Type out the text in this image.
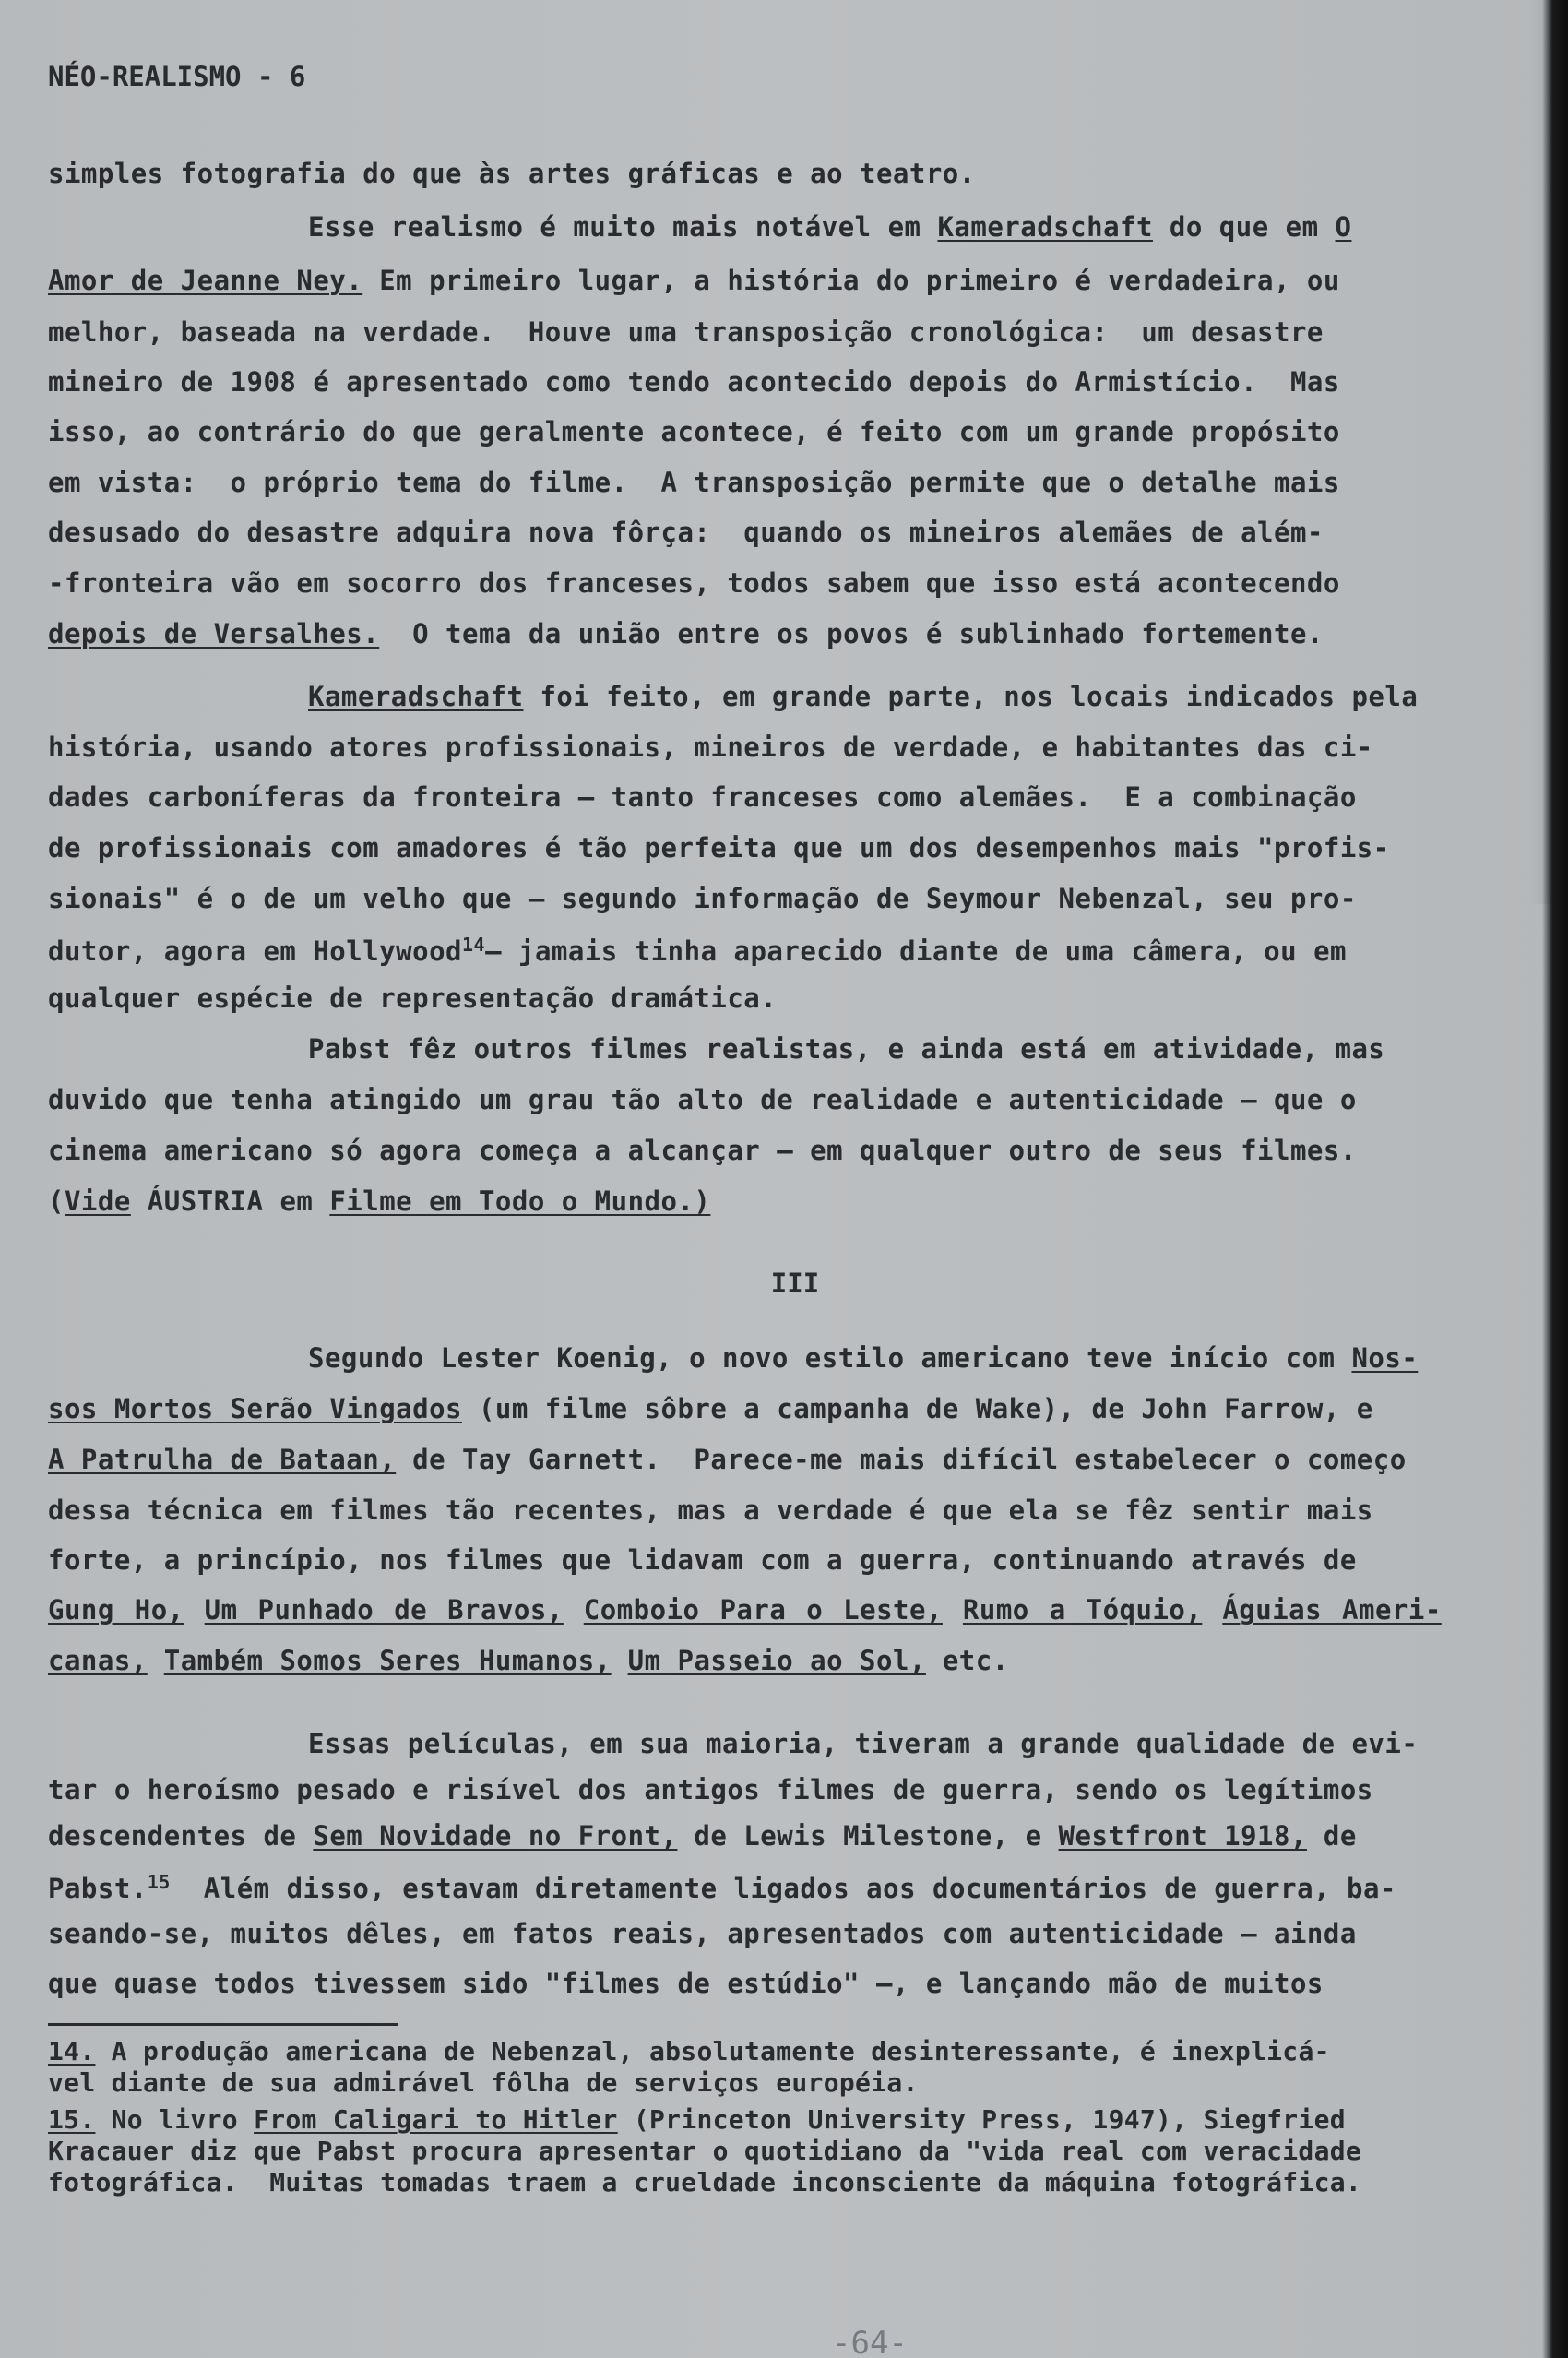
NÉO-REALISMO - 6
simples fotografia do que às artes gráficas e ao teatro.
Esse realismo é muito mais notável em Kameradschaft do que em O
Amor de Jeanne Ney. Em primeiro lugar, a história do primeiro é verdadeira, ou
melhor, baseada na verdade.  Houve uma transposição cronológica:  um desastre
mineiro de 1908 é apresentado como tendo acontecido depois do Armistício.  Mas
isso, ao contrário do que geralmente acontece, é feito com um grande propósito
em vista:  o próprio tema do filme.  A transposição permite que o detalhe mais
desusado do desastre adquira nova fôrça:  quando os mineiros alemães de além-
-fronteira vão em socorro dos franceses, todos sabem que isso está acontecendo
depois de Versalhes.  O tema da união entre os povos é sublinhado fortemente.
Kameradschaft foi feito, em grande parte, nos locais indicados pela
história, usando atores profissionais, mineiros de verdade, e habitantes das ci-
dades carboníferas da fronteira — tanto franceses como alemães.  E a combinação
de profissionais com amadores é tão perfeita que um dos desempenhos mais "profis-
sionais" é o de um velho que — segundo informação de Seymour Nebenzal, seu pro-
dutor, agora em Hollywood$^{14}$— jamais tinha aparecido diante de uma câmera, ou em
qualquer espécie de representação dramática.
Pabst fêz outros filmes realistas, e ainda está em atividade, mas
duvido que tenha atingido um grau tão alto de realidade e autenticidade — que o
cinema americano só agora começa a alcançar — em qualquer outro de seus filmes.
(Vide ÁUSTRIA em Filme em Todo o Mundo.)
III
Segundo Lester Koenig, o novo estilo americano teve início com Nos-
sos Mortos Serão Vingados (um filme sôbre a campanha de Wake), de John Farrow, e
A Patrulha de Bataan, de Tay Garnett.  Parece-me mais difícil estabelecer o começo
dessa técnica em filmes tão recentes, mas a verdade é que ela se fêz sentir mais
forte, a princípio, nos filmes que lidavam com a guerra, continuando através de
Gung Ho, Um Punhado de Bravos, Comboio Para o Leste, Rumo a Tóquio, Águias Ameri-
canas, Também Somos Seres Humanos, Um Passeio ao Sol, etc.
Essas películas, em sua maioria, tiveram a grande qualidade de evi-
tar o heroísmo pesado e risível dos antigos filmes de guerra, sendo os legítimos
descendentes de Sem Novidade no Front, de Lewis Milestone, e Westfront 1918, de
Pabst.$^{15}$  Além disso, estavam diretamente ligados aos documentários de guerra, ba-
seando-se, muitos dêles, em fatos reais, apresentados com autenticidade — ainda
que quase todos tivessem sido "filmes de estúdio" —, e lançando mão de muitos
14. A produção americana de Nebenzal, absolutamente desinteressante, é inexplicá-
vel diante de sua admirável fôlha de serviços européia.
15. No livro From Caligari to Hitler (Princeton University Press, 1947), Siegfried
Kracauer diz que Pabst procura apresentar o quotidiano da "vida real com veracidade
fotográfica.  Muitas tomadas traem a crueldade inconsciente da máquina fotográfica.
-64-
